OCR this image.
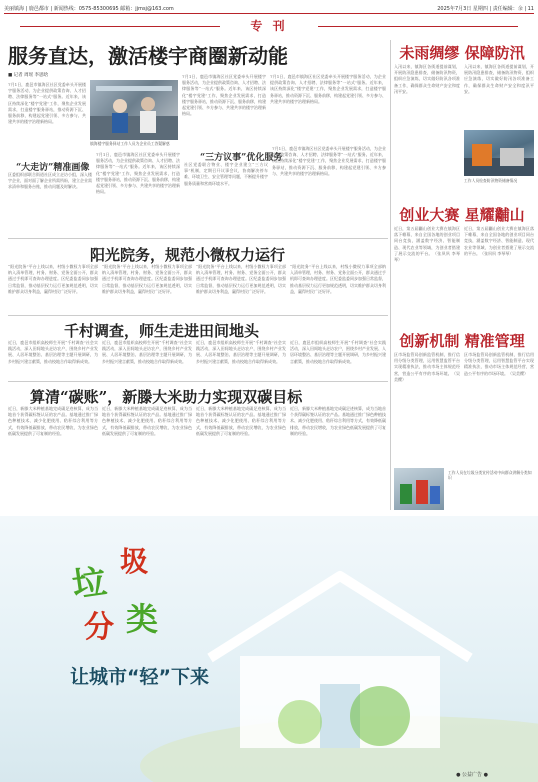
美丽镇海 | 鹿邑都市 | 新闻热线：0575-85300695 邮箱：jjmsj@163.com	2025年7月3日 星期四 | 责任编辑：余 | 11
专 刊
服务直达，激活楼宇商圈新动能
■ 记者 周瑶 李思晗
7月1日，鹿邑市镇海区社区党委牵头开展楼宇服务活动，为企业提供政策咨询、人才招聘、法律服务等“一站式”服务。近年来，该区持续深化“楼宇党建”工作，聚焦企业发展需求，打造楼宇服务驿站，推动资源下沉、服务前移，构建起党建引领、多方参与、共建共享的楼宇治理新格局。
镇海楼宇服务驿站工作人员为企业员工答疑解惑
7月1日，鹿邑市镇海区社区党委牵头开展楼宇服务活动，为企业提供政策咨询、人才招聘、法律服务等“一站式”服务。近年来，该区持续深化“楼宇党建”工作，聚焦企业发展需求，打造楼宇服务驿站，推动资源下沉、服务前移，构建起党建引领、多方参与、共建共享的楼宇治理新格局。
7月1日，鹿邑市镇海区社区党委牵头开展楼宇服务活动，为企业提供政策咨询、人才招聘、法律服务等“一站式”服务。近年来，该区持续深化“楼宇党建”工作，聚焦企业发展需求，打造楼宇服务驿站，推动资源下沉、服务前移，构建起党建引领、多方参与、共建共享的楼宇治理新格局。
“大走访”精准画像
区委组织部联合街道社区成立走访小组，深入楼宇企业，面对面了解企业所需所盼，建立企业需求清单和服务台账，推动问题及时解决。
7月1日，鹿邑市镇海区社区党委牵头开展楼宇服务活动，为企业提供政策咨询、人才招聘、法律服务等“一站式”服务。近年来，该区持续深化“楼宇党建”工作，聚焦企业发展需求，打造楼宇服务驿站，推动资源下沉、服务前移，构建起党建引领、多方参与、共建共享的楼宇治理新格局。
“三方议事”优化服务
社区党委联合物业、楼宇企业建立“三方议事”机制，定期召开议事会议，协商解决停车难、环境卫生、安全管理等问题，不断提升楼宇服务质量和营商环境水平。
7月1日，鹿邑市镇海区社区党委牵头开展楼宇服务活动，为企业提供政策咨询、人才招聘、法律服务等“一站式”服务。近年来，该区持续深化“楼宇党建”工作，聚焦企业发展需求，打造楼宇服务驿站，推动资源下沉、服务前移，构建起党建引领、多方参与、共建共享的楼宇治理新格局。
阳光院务，规范小微权力运行
“阳光院务”平台上线以来，村级小微权力事项全部纳入清单管理，村务、财务、党务全面公开，群众通过手机即可查询办理进度。区纪委监委同步加强日常监督，推动基层权力运行更加规范透明，切实维护群众切身利益，赢得村民广泛好评。
“阳光院务”平台上线以来，村级小微权力事项全部纳入清单管理，村务、财务、党务全面公开，群众通过手机即可查询办理进度。区纪委监委同步加强日常监督，推动基层权力运行更加规范透明，切实维护群众切身利益，赢得村民广泛好评。
“阳光院务”平台上线以来，村级小微权力事项全部纳入清单管理，村务、财务、党务全面公开，群众通过手机即可查询办理进度。区纪委监委同步加强日常监督，推动基层权力运行更加规范透明，切实维护群众切身利益，赢得村民广泛好评。
“阳光院务”平台上线以来，村级小微权力事项全部纳入清单管理，村务、财务、党务全面公开，群众通过手机即可查询办理进度。区纪委监委同步加强日常监督，推动基层权力运行更加规范透明，切实维护群众切身利益，赢得村民广泛好评。
千村调查，师生走进田间地头
近日，鹿邑市组织高校师生开展“千村调查”社会实践活动，深入田间地头走访农户，围绕乡村产业发展、人居环境整治、基层治理等主题开展调研，为乡村振兴建言献策，推动校地合作取得新成效。
近日，鹿邑市组织高校师生开展“千村调查”社会实践活动，深入田间地头走访农户，围绕乡村产业发展、人居环境整治、基层治理等主题开展调研，为乡村振兴建言献策，推动校地合作取得新成效。
近日，鹿邑市组织高校师生开展“千村调查”社会实践活动，深入田间地头走访农户，围绕乡村产业发展、人居环境整治、基层治理等主题开展调研，为乡村振兴建言献策，推动校地合作取得新成效。
近日，鹿邑市组织高校师生开展“千村调查”社会实践活动，深入田间地头走访农户，围绕乡村产业发展、人居环境整治、基层治理等主题开展调研，为乡村振兴建言献策，推动校地合作取得新成效。
算清“碳账”，新滕大米助力实现双碳目标
近日，新滕大米种植基地完成碳足迹核算，成为当地首个获得碳标签认证的农产品。基地通过推广绿色种植技术、减少化肥使用、秸秆综合利用等方式，有效降低碳排放，带动农民增收，为农业绿色低碳发展提供了可复制的经验。
近日，新滕大米种植基地完成碳足迹核算，成为当地首个获得碳标签认证的农产品。基地通过推广绿色种植技术、减少化肥使用、秸秆综合利用等方式，有效降低碳排放，带动农民增收，为农业绿色低碳发展提供了可复制的经验。
近日，新滕大米种植基地完成碳足迹核算，成为当地首个获得碳标签认证的农产品。基地通过推广绿色种植技术、减少化肥使用、秸秆综合利用等方式，有效降低碳排放，带动农民增收，为农业绿色低碳发展提供了可复制的经验。
近日，新滕大米种植基地完成碳足迹核算，成为当地首个获得碳标签认证的农产品。基地通过推广绿色种植技术、减少化肥使用、秸秆综合利用等方式，有效降低碳排放，带动农民增收，为农业绿色低碳发展提供了可复制的经验。
未雨绸缪 保障防汛
入汛以来，镇海区各街道提前谋划，开展防汛隐患排查，储备防汛物资，组织应急演练，切实做好防汛各项准备工作，确保群众生命财产安全和度汛平安。
入汛以来，镇海区各街道提前谋划，开展防汛隐患排查，储备防汛物资，组织应急演练，切实做好防汛各项准备工作，确保群众生命财产安全和度汛平安。
工作人员检查防汛物资储备情况
创业大赛 星耀黼山
近日，第五届黼山创业大赛在镇海区落下帷幕，来自全国各地的创业项目同台竞技，涵盖数字经济、智能制造、现代农业等领域，为创业者搭建了展示交流的平台。（张夙夙 李琴琴）
近日，第五届黼山创业大赛在镇海区落下帷幕，来自全国各地的创业项目同台竞技，涵盖数字经济、智能制造、现代农业等领域，为创业者搭建了展示交流的平台。（张夙夙 李琴琴）
创新机制 精准管理
区市场监管局创新监管机制，推行信用分级分类管理，运用智慧监管平台实现精准执法，推动市场主体规范经营，营造公平有序的市场环境。（吴美樱）
区市场监管局创新监管机制，推行信用分级分类管理，运用智慧监管平台实现精准执法，推动市场主体规范经营，营造公平有序的市场环境。（吴美樱）
工作人员在垃圾分类宣传活动中向群众讲解分类知识
垃
圾
分 类
让城市“轻”下来
● 公益广告 ●
